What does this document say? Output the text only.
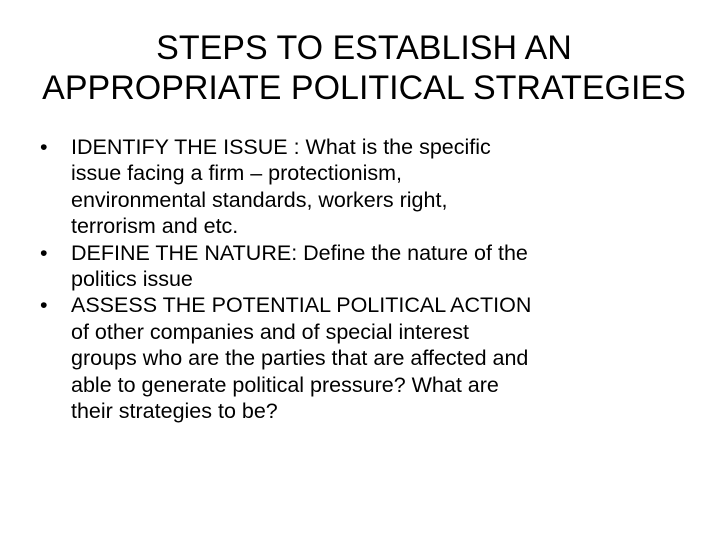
STEPS TO ESTABLISH AN
APPROPRIATE POLITICAL STRATEGIES
• IDENTIFY THE ISSUE : What is the specific
issue facing a firm – protectionism,
environmental standards, workers right,
terrorism and etc.
• DEFINE THE NATURE: Define the nature of the
politics issue
• ASSESS THE POTENTIAL POLITICAL ACTION
of other companies and of special interest
groups who are the parties that are affected and
able to generate political pressure? What are
their strategies to be?
